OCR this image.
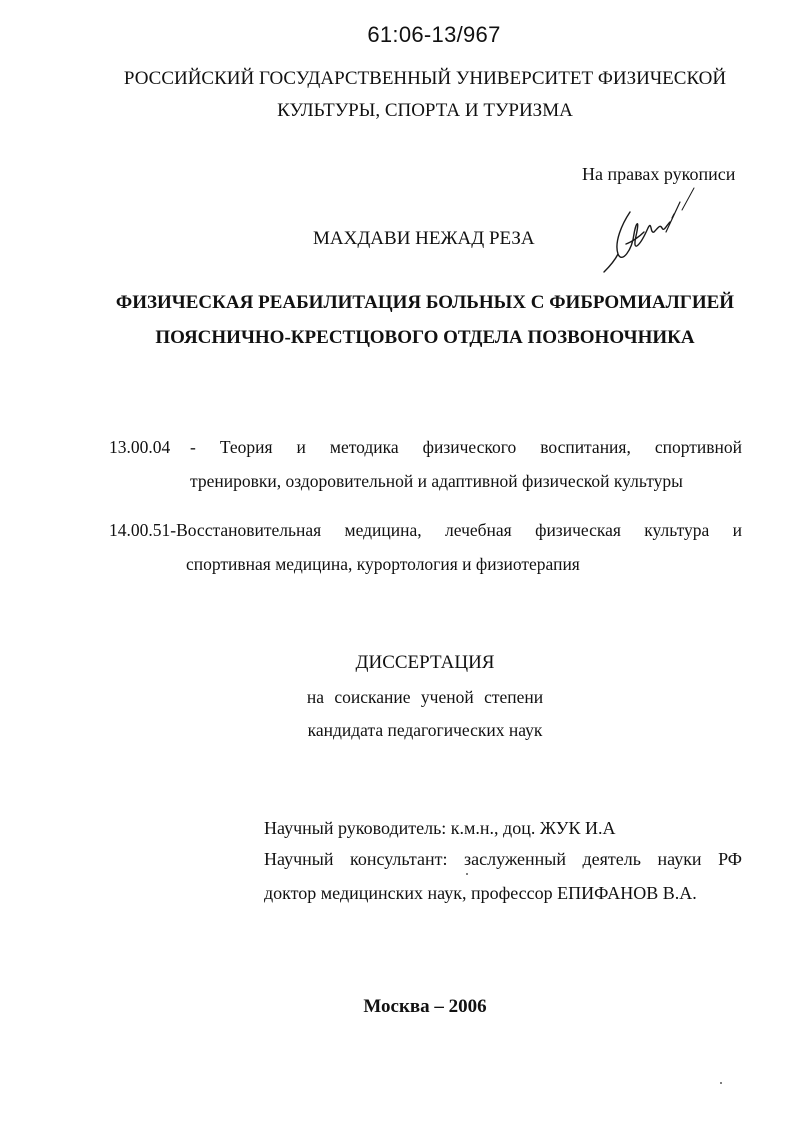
61:06-13/967
РОССИЙСКИЙ ГОСУДАРСТВЕННЫЙ УНИВЕРСИТЕТ ФИЗИЧЕСКОЙ
КУЛЬТУРЫ, СПОРТА И ТУРИЗМА
На правах рукописи
МАХДАВИ НЕЖАД РЕЗА
ФИЗИЧЕСКАЯ РЕАБИЛИТАЦИЯ БОЛЬНЫХ С ФИБРОМИАЛГИЕЙ
ПОЯСНИЧНО-КРЕСТЦОВОГО ОТДЕЛА ПОЗВОНОЧНИКА
13.00.04 - Теория и методика физического воспитания, спортивной
тренировки, оздоровительной и адаптивной физической культуры
14.00.51-Восстановительная медицина, лечебная физическая культура и
спортивная медицина, курортология и физиотерапия
ДИССЕРТАЦИЯ
на соискание ученой степени
кандидата педагогических наук
Научный руководитель: к.м.н., доц. ЖУК И.А
Научный консультант: заслуженный деятель науки РФ
доктор медицинских наук, профессор ЕПИФАНОВ В.А.
Москва – 2006
